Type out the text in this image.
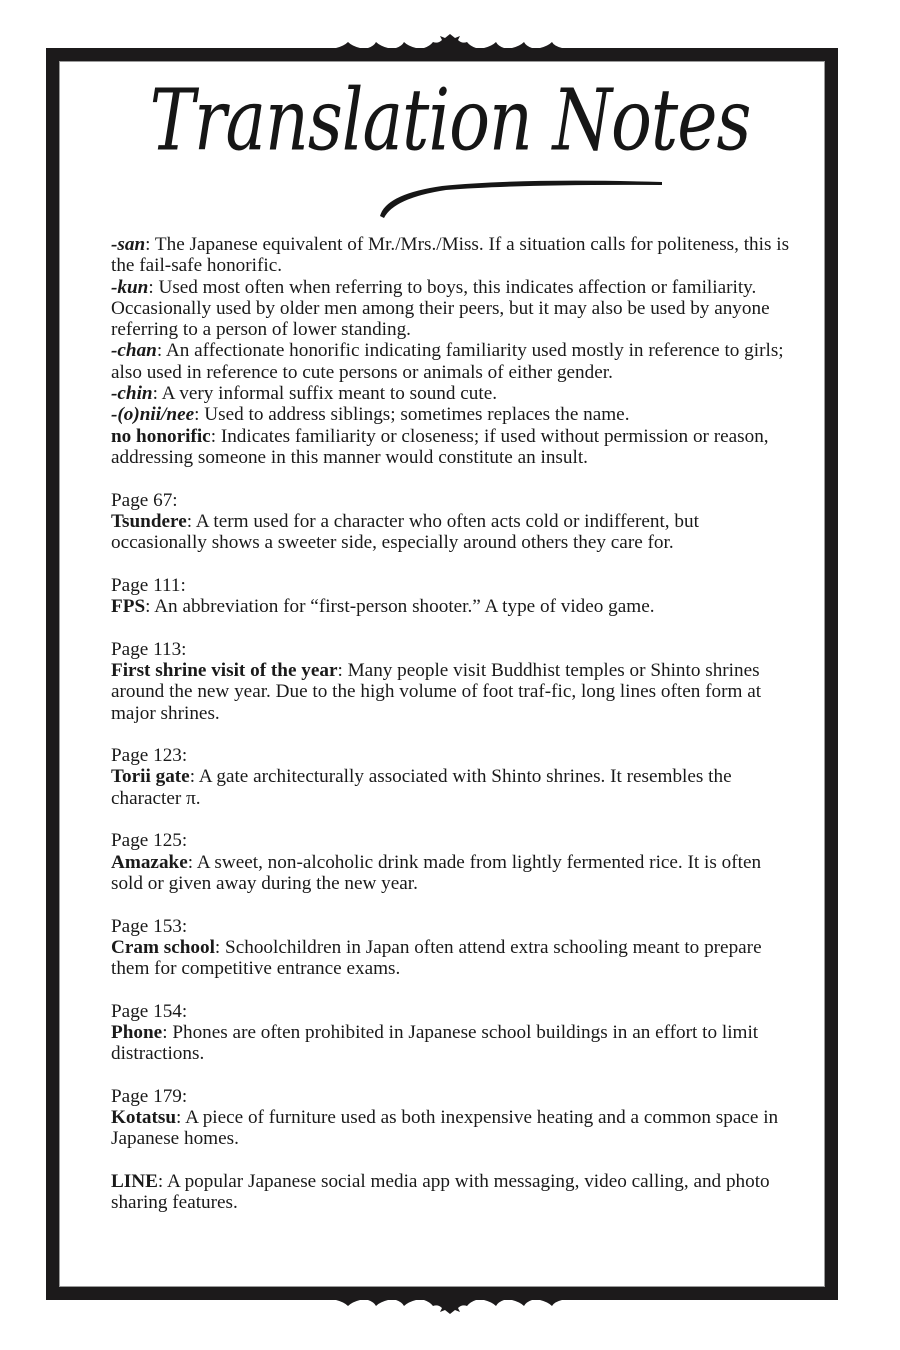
Translation Notes
-san: The Japanese equivalent of Mr./Mrs./Miss. If a situation calls for politeness, this is the fail-safe honorific.
-kun: Used most often when referring to boys, this indicates affection or familiarity. Occasionally used by older men among their peers, but it may also be used by anyone referring to a person of lower standing.
-chan: An affectionate honorific indicating familiarity used mostly in reference to girls; also used in reference to cute persons or animals of either gender.
-chin: A very informal suffix meant to sound cute.
-(o)nii/nee: Used to address siblings; sometimes replaces the name.
no honorific: Indicates familiarity or closeness; if used without permission or reason, addressing someone in this manner would constitute an insult.
Page 67:
Tsundere: A term used for a character who often acts cold or indifferent, but occasionally shows a sweeter side, especially around others they care for.
Page 111:
FPS: An abbreviation for “first-person shooter.” A type of video game.
Page 113:
First shrine visit of the year: Many people visit Buddhist temples or Shinto shrines around the new year. Due to the high volume of foot traf-fic, long lines often form at major shrines.
Page 123:
Torii gate: A gate architecturally associated with Shinto shrines. It resembles the character π.
Page 125:
Amazake: A sweet, non-alcoholic drink made from lightly fermented rice. It is often sold or given away during the new year.
Page 153:
Cram school: Schoolchildren in Japan often attend extra schooling meant to prepare them for competitive entrance exams.
Page 154:
Phone: Phones are often prohibited in Japanese school buildings in an effort to limit distractions.
Page 179:
Kotatsu: A piece of furniture used as both inexpensive heating and a common space in Japanese homes.
LINE: A popular Japanese social media app with messaging, video calling, and photo sharing features.
